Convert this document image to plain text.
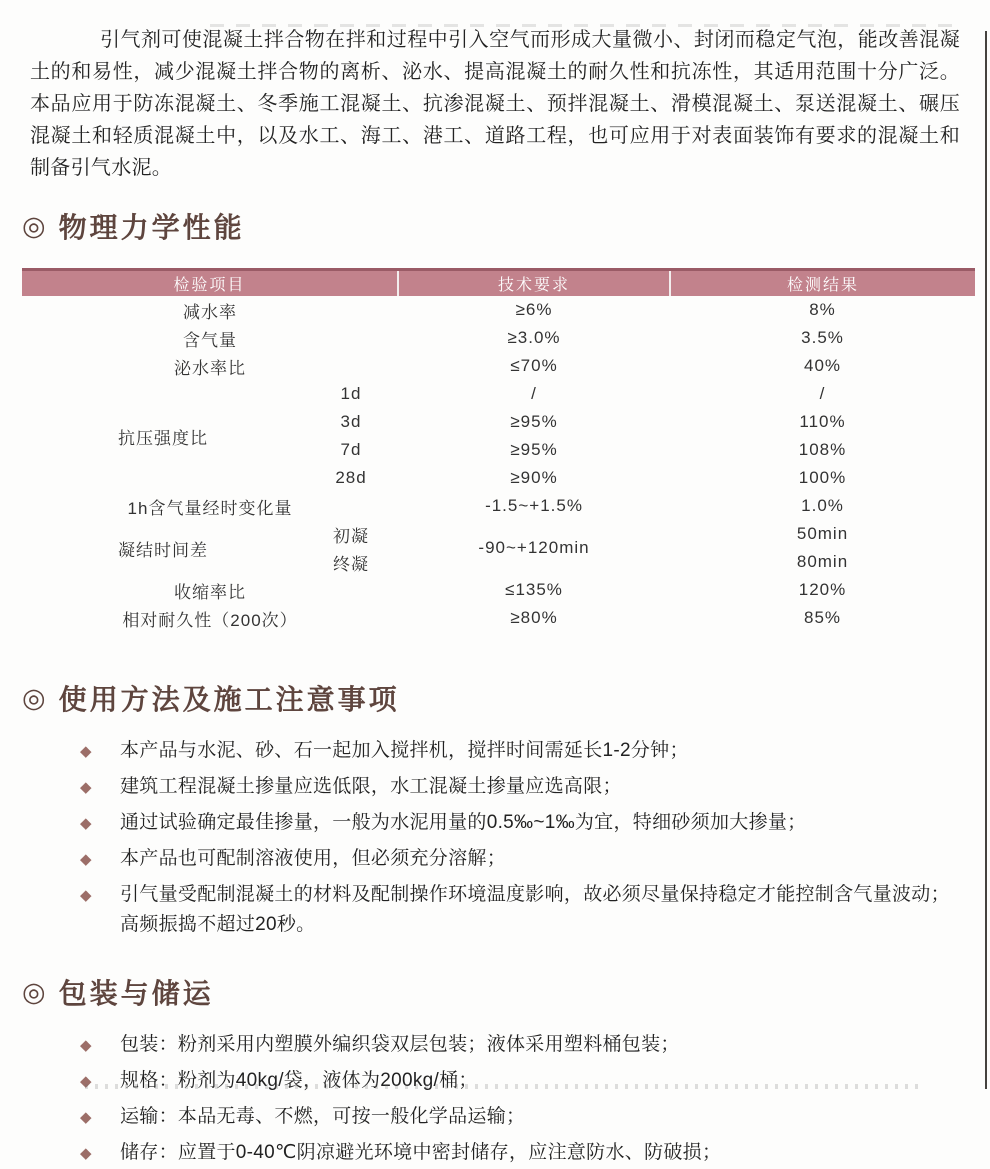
引气剂可使混凝土拌合物在拌和过程中引入空气而形成大量微小、封闭而稳定气泡，能改善混凝土的和易性，减少混凝土拌合物的离析、泌水、提高混凝土的耐久性和抗冻性，其适用范围十分广泛。本品应用于防冻混凝土、冬季施工混凝土、抗渗混凝土、预拌混凝土、滑模混凝土、泵送混凝土、碾压混凝土和轻质混凝土中，以及水工、海工、港工、道路工程，也可应用于对表面装饰有要求的混凝土和制备引气水泥。

◎ 物理力学性能
检验项目		技术要求	检测结果
减水率		≥6%	8%
含气量		≥3.0%	3.5%
泌水率比		≤70%	40%
抗压强度比	1d	/	/
	3d	≥95%	110%
	7d	≥95%	108%
	28d	≥90%	100%
1h含气量经时变化量		-1.5~+1.5%	1.0%
凝结时间差	初凝	-90~+120min	50min
	终凝		80min
收缩率比		≤135%	120%
相对耐久性（200次）		≥80%	85%
◎ 使用方法及施工注意事项
◆	本产品与水泥、砂、石一起加入搅拌机，搅拌时间需延长1-2分钟；
◆	建筑工程混凝土掺量应选低限，水工混凝土掺量应选高限；
◆	通过试验确定最佳掺量，一般为水泥用量的0.5‰~1‰为宜，特细砂须加大掺量；
◆	本产品也可配制溶液使用，但必须充分溶解；
◆	引气量受配制混凝土的材料及配制操作环境温度影响，故必须尽量保持稳定才能控制含气量波动；高频振捣不超过20秒。
◎ 包装与储运
◆	包装：粉剂采用内塑膜外编织袋双层包装；液体采用塑料桶包装；
◆	规格：粉剂为40kg/袋，液体为200kg/桶；
◆	运输：本品无毒、不燃，可按一般化学品运输；
◆	储存：应置于0-40℃阴凉避光环境中密封储存，应注意防水、防破损；
